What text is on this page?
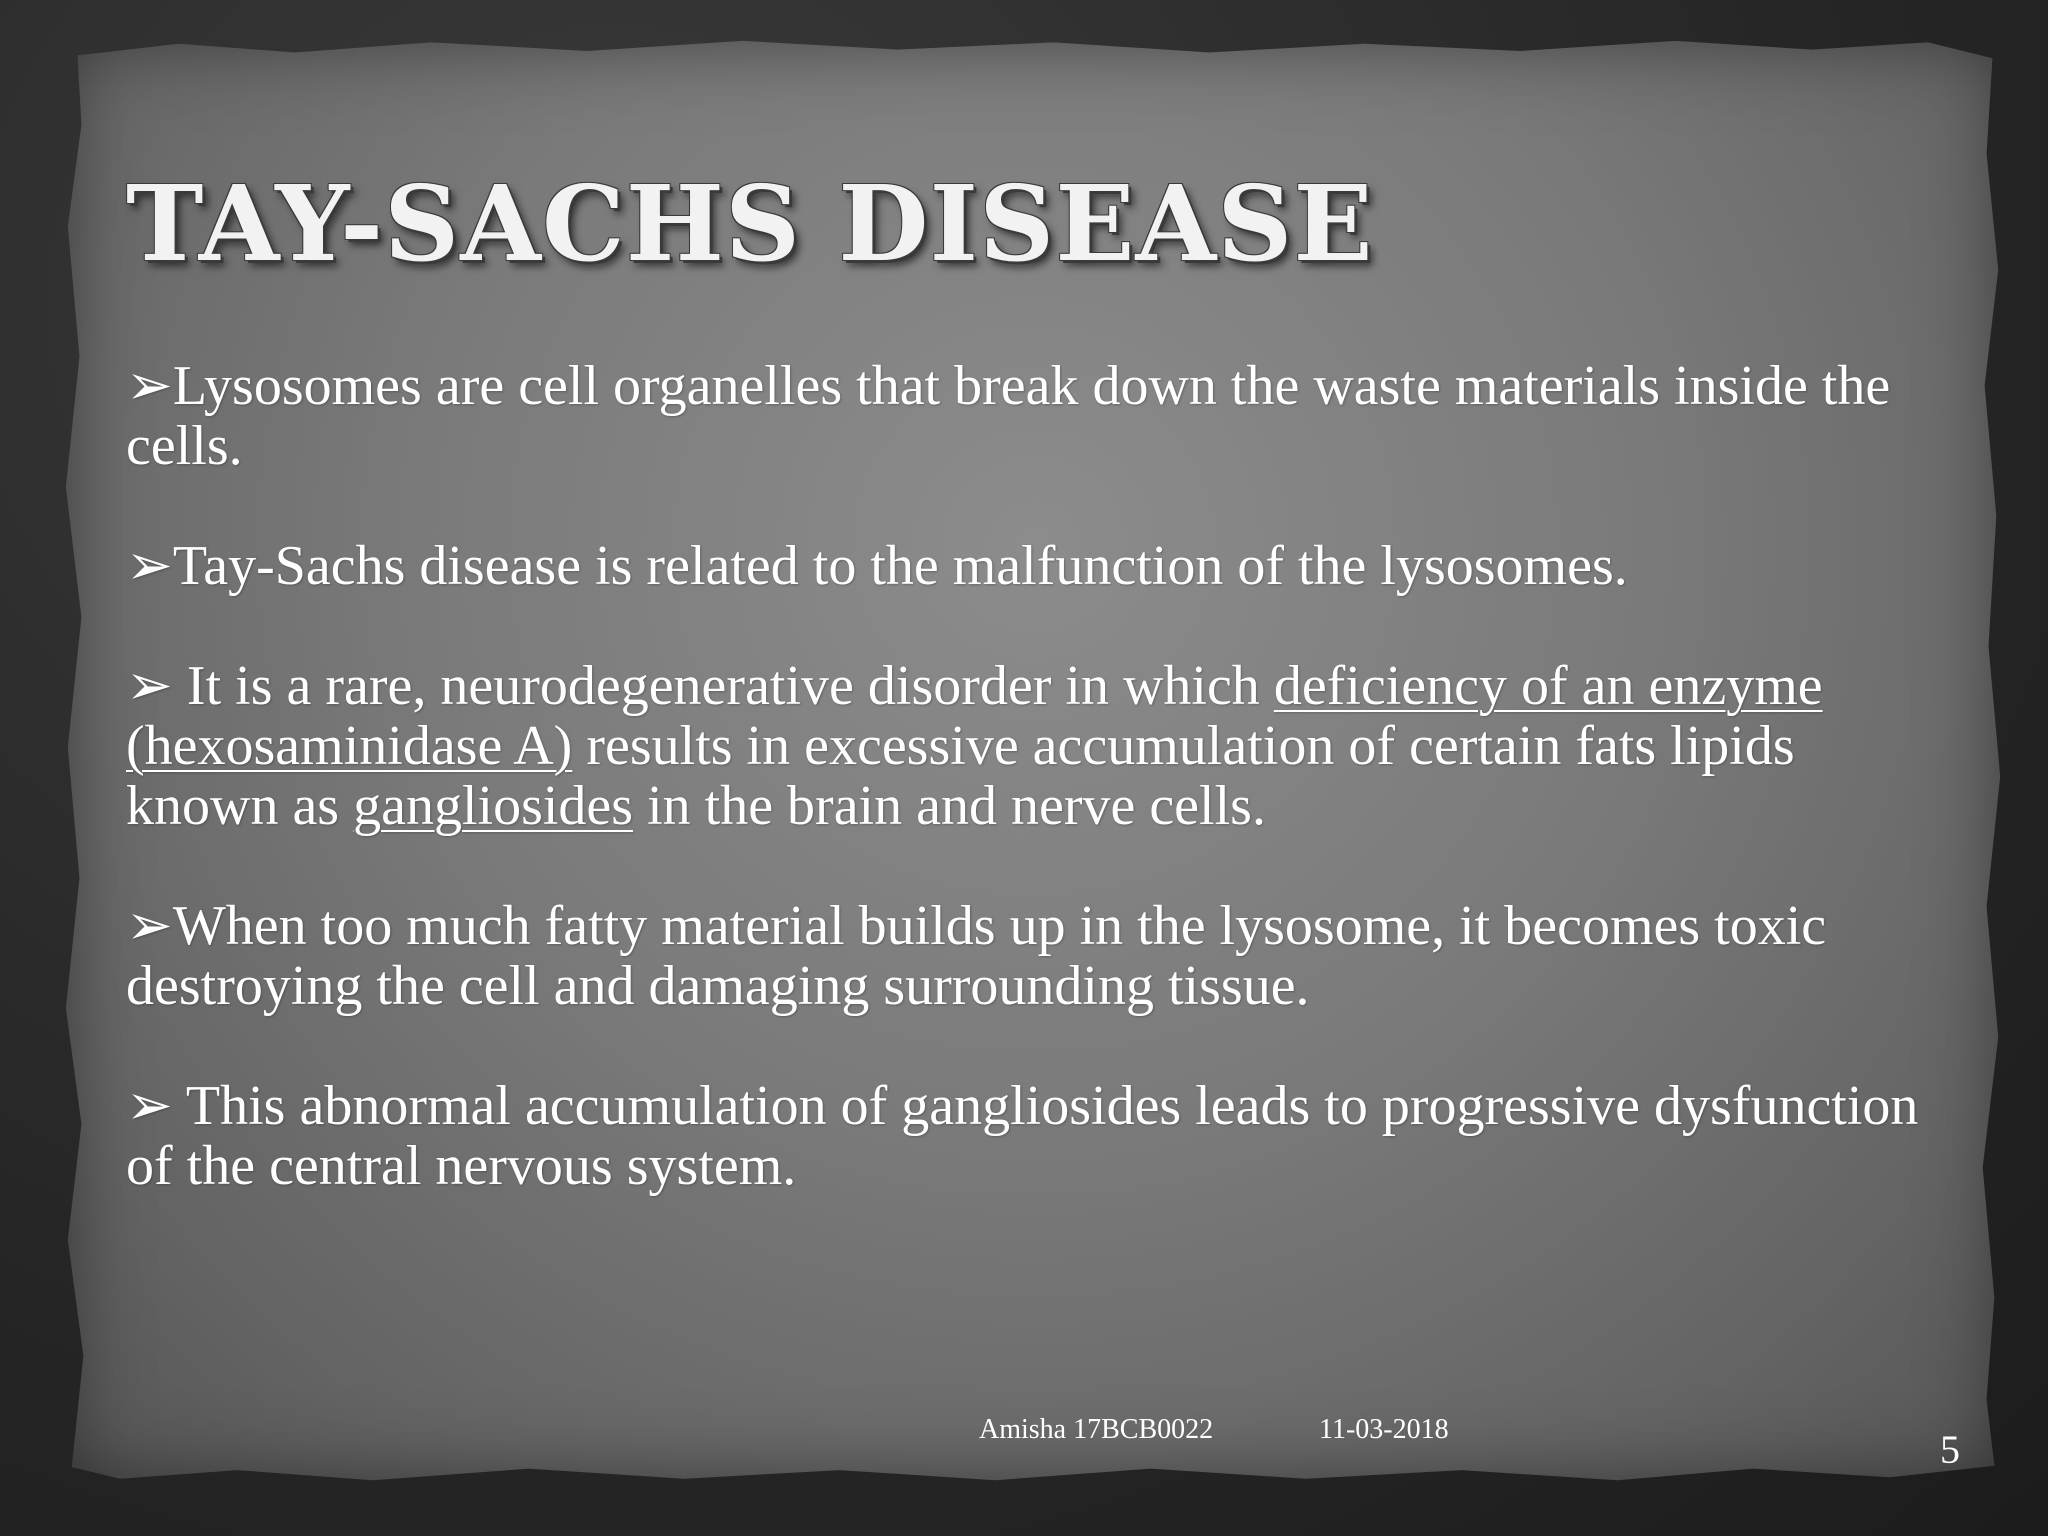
TAY-SACHS DISEASE

➢Lysosomes are cell organelles that break down the waste materials inside the cells.

➢Tay-Sachs disease is related to the malfunction of the lysosomes.

➢ It is a rare, neurodegenerative disorder in which deficiency of an enzyme (hexosaminidase A) results in excessive accumulation of certain fats lipids known as gangliosides in the brain and nerve cells.

➢When too much fatty material builds up in the lysosome, it becomes toxic destroying the cell and damaging surrounding tissue.

➢ This abnormal accumulation of gangliosides leads to progressive dysfunction of the central nervous system.

Amisha 17BCB0022	11-03-2018	5
